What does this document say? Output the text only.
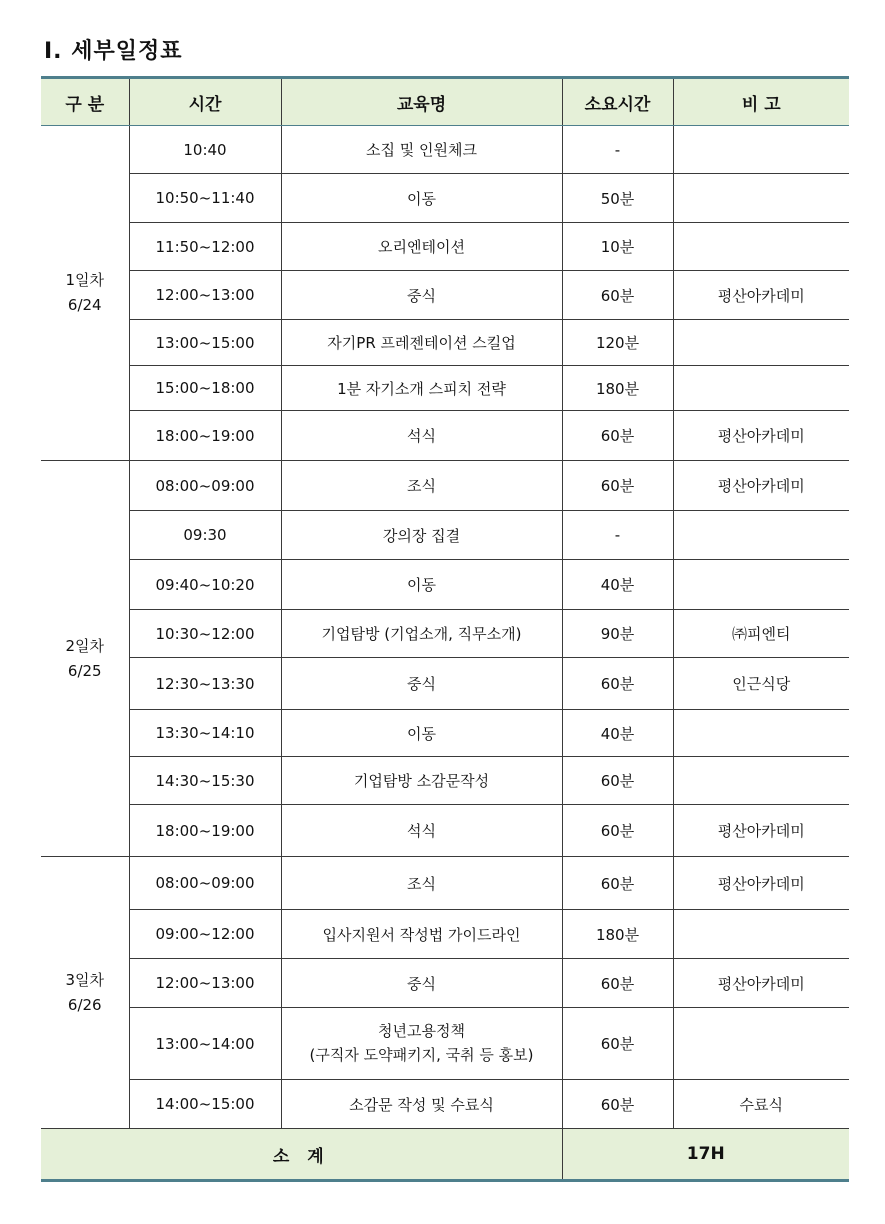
Ⅰ. 세부일정표
구 분	시간	교육명	소요시간	비 고
1일차
6/24	10:40	소집 및 인원체크	-	
	10:50~11:40	이동	50분	
	11:50~12:00	오리엔테이션	10분	
	12:00~13:00	중식	60분	평산아카데미
	13:00~15:00	자기PR 프레젠테이션 스킬업	120분	
	15:00~18:00	1분 자기소개 스피치 전략	180분	
	18:00~19:00	석식	60분	평산아카데미
2일차
6/25	08:00~09:00	조식	60분	평산아카데미
	09:30	강의장 집결	-	
	09:40~10:20	이동	40분	
	10:30~12:00	기업탐방 (기업소개, 직무소개)	90분	㈜피엔티
	12:30~13:30	중식	60분	인근식당
	13:30~14:10	이동	40분	
	14:30~15:30	기업탐방 소감문작성	60분	
	18:00~19:00	석식	60분	평산아카데미
3일차
6/26	08:00~09:00	조식	60분	평산아카데미
	09:00~12:00	입사지원서 작성법 가이드라인	180분	
	12:00~13:00	중식	60분	평산아카데미
	13:00~14:00	청년고용정책
(구직자 도약패키지, 국취 등 홍보)	60분	
	14:00~15:00	소감문 작성 및 수료식	60분	수료식
소 계			17H	
